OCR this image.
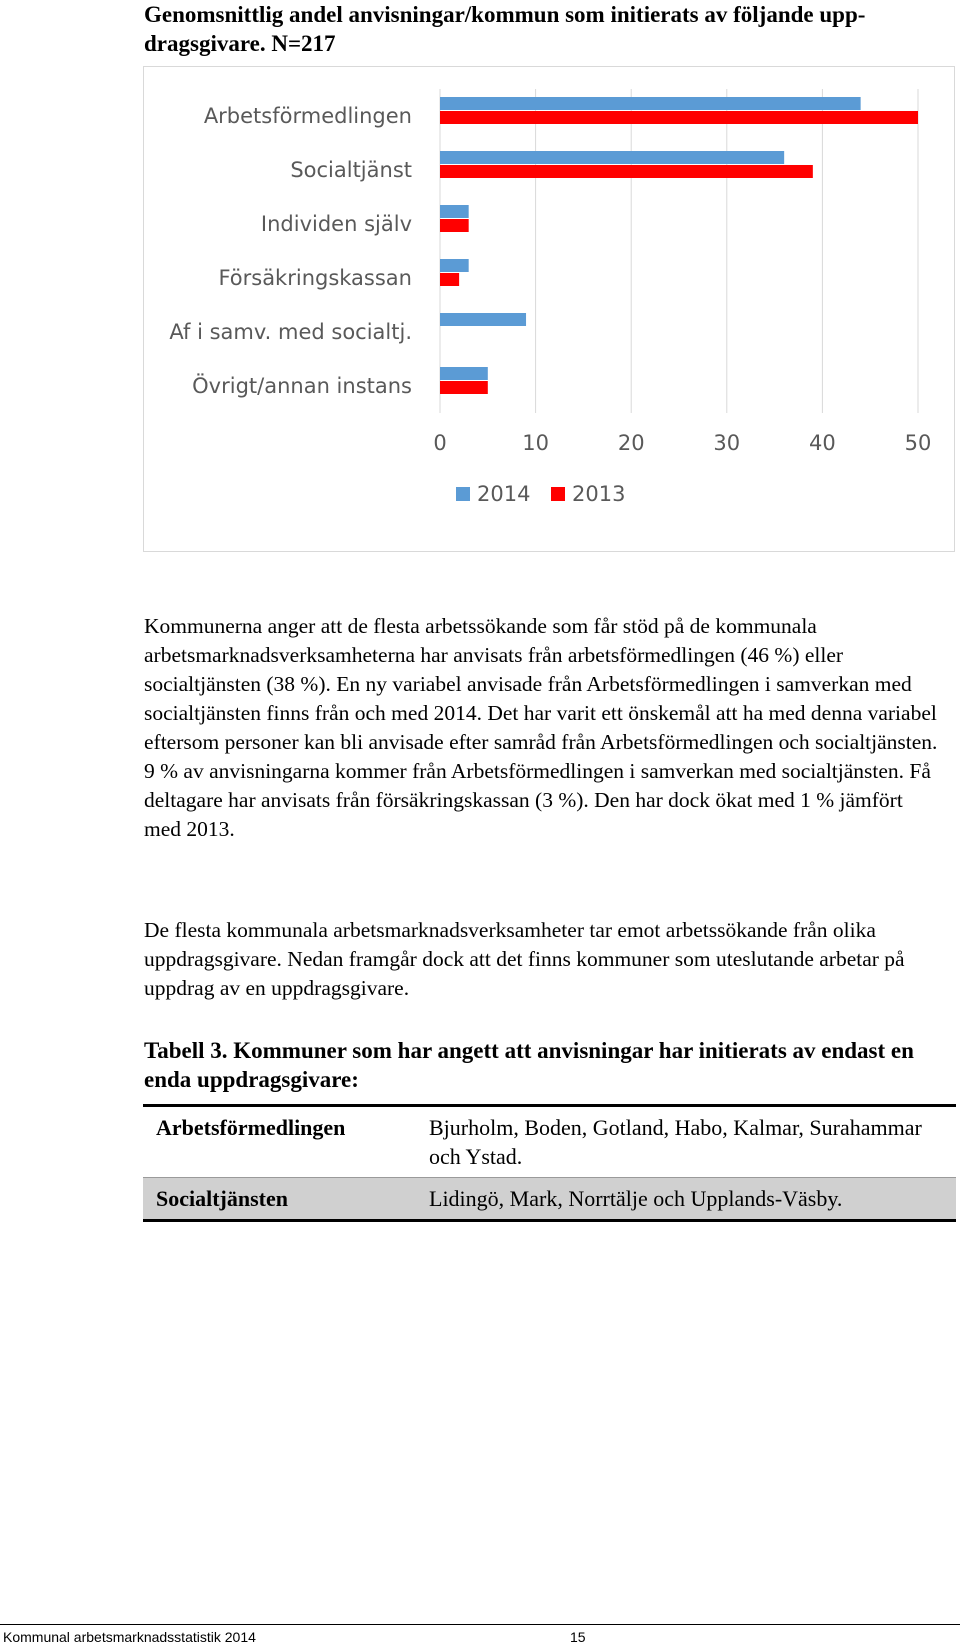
Genomsnittlig andel anvisningar/kommun som initierats av följande upp-dragsgivare. N=217
0	10	20	30	40	50
Arbetsförmedlingen
Socialtjänst
Individen själv
Försäkringskassan
Af i samv. med socialtj.
Övrigt/annan instans
2014 2013
Kommunerna anger att de flesta arbetssökande som får stöd på de kommunala arbetsmarknadsverksamheterna har anvisats från arbetsförmedlingen (46 %) eller socialtjänsten (38 %). En ny variabel anvisade från Arbetsförmedlingen i samverkan med socialtjänsten finns från och med 2014. Det har varit ett önskemål att ha med denna variabel eftersom personer kan bli anvisade efter samråd från Arbetsförmedlingen och socialtjänsten. 9 % av anvisningarna kommer från Arbetsförmedlingen i samverkan med socialtjänsten. Få deltagare har anvisats från försäkringskassan (3 %). Den har dock ökat med 1 % jämfört med 2013.
De flesta kommunala arbetsmarknadsverksamheter tar emot arbetssökande från olika uppdragsgivare. Nedan framgår dock att det finns kommuner som uteslutande arbetar på uppdrag av en uppdragsgivare.
Tabell 3. Kommuner som har angett att anvisningar har initierats av endast en enda uppdragsgivare:
Arbetsförmedlingen	Bjurholm, Boden, Gotland, Habo, Kalmar, Surahammar och Ystad.
Socialtjänsten	Lidingö, Mark, Norrtälje och Upplands-Väsby.
Kommunal arbetsmarknadsstatistik 2014	15
